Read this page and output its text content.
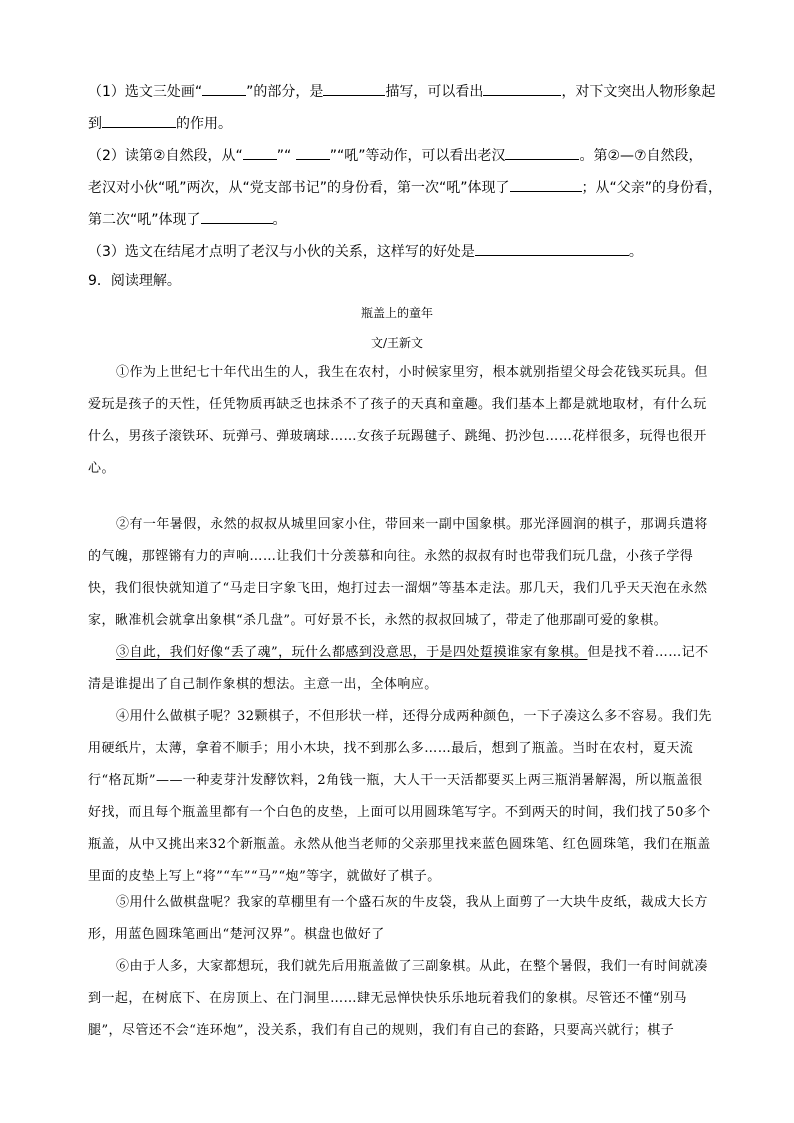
（1）选文三处画“	”的部分，是	描写，可以看出	，对下文突出人物形象起
到	的作用。
（2）读第②自然段，从“ ”“ ”“吼”等动作，可以看出老汉	。第②—⑦自然段，
老汉对小伙“吼”两次，从“党支部书记”的身份看，第一次“吼”体现了	；从“父亲”的身份看，
第二次“吼”体现了	。
（3）选文在结尾才点明了老汉与小伙的关系，这样写的好处是	。
9．阅读理解。
瓶盖上的童年
文/王新文

①作为上世纪七十年代出生的人，我生在农村，小时候家里穷，根本就别指望父母会花钱买玩具。但爱玩是孩子的天性，任凭物质再缺乏也抹杀不了孩子的天真和童趣。我们基本上都是就地取材，有什么玩什么，男孩子滚铁环、玩弹弓、弹玻璃球……女孩子玩踢毽子、跳绳、扔沙包……花样很多，玩得也很开心。

②有一年暑假，永然的叔叔从城里回家小住，带回来一副中国象棋。那光泽圆润的棋子，那调兵遣将的气魄，那铿锵有力的声响……让我们十分羡慕和向往。永然的叔叔有时也带我们玩几盘，小孩子学得快，我们很快就知道了“马走日字象飞田，炮打过去一溜烟”等基本走法。那几天，我们几乎天天泡在永然家，瞅准机会就拿出象棋“杀几盘”。可好景不长，永然的叔叔回城了，带走了他那副可爱的象棋。

③自此，我们好像“丢了魂”，玩什么都感到没意思，于是四处踅摸谁家有象棋。但是找不着……记不清是谁提出了自己制作象棋的想法。主意一出，全体响应。

④用什么做棋子呢？32颗棋子，不但形状一样，还得分成两种颜色，一下子凑这么多不容易。我们先用硬纸片，太薄，拿着不顺手；用小木块，找不到那么多……最后，想到了瓶盖。当时在农村，夏天流行“格瓦斯”——一种麦芽汁发酵饮料，2角钱一瓶，大人干一天活都要买上两三瓶消暑解渴，所以瓶盖很好找，而且每个瓶盖里都有一个白色的皮垫，上面可以用圆珠笔写字。不到两天的时间，我们找了50多个瓶盖，从中又挑出来32个新瓶盖。永然从他当老师的父亲那里找来蓝色圆珠笔、红色圆珠笔，我们在瓶盖里面的皮垫上写上“将”“车”“马”“炮”等字，就做好了棋子。

⑤用什么做棋盘呢？我家的草棚里有一个盛石灰的牛皮袋，我从上面剪了一大块牛皮纸，裁成大长方形，用蓝色圆珠笔画出“楚河汉界”。棋盘也做好了

⑥由于人多，大家都想玩，我们就先后用瓶盖做了三副象棋。从此，在整个暑假，我们一有时间就凑到一起，在树底下、在房顶上、在门洞里……肆无忌惮快快乐乐地玩着我们的象棋。尽管还不懂“别马腿”，尽管还不会“连环炮”，没关系，我们有自己的规则，我们有自己的套路，只要高兴就行；棋子
